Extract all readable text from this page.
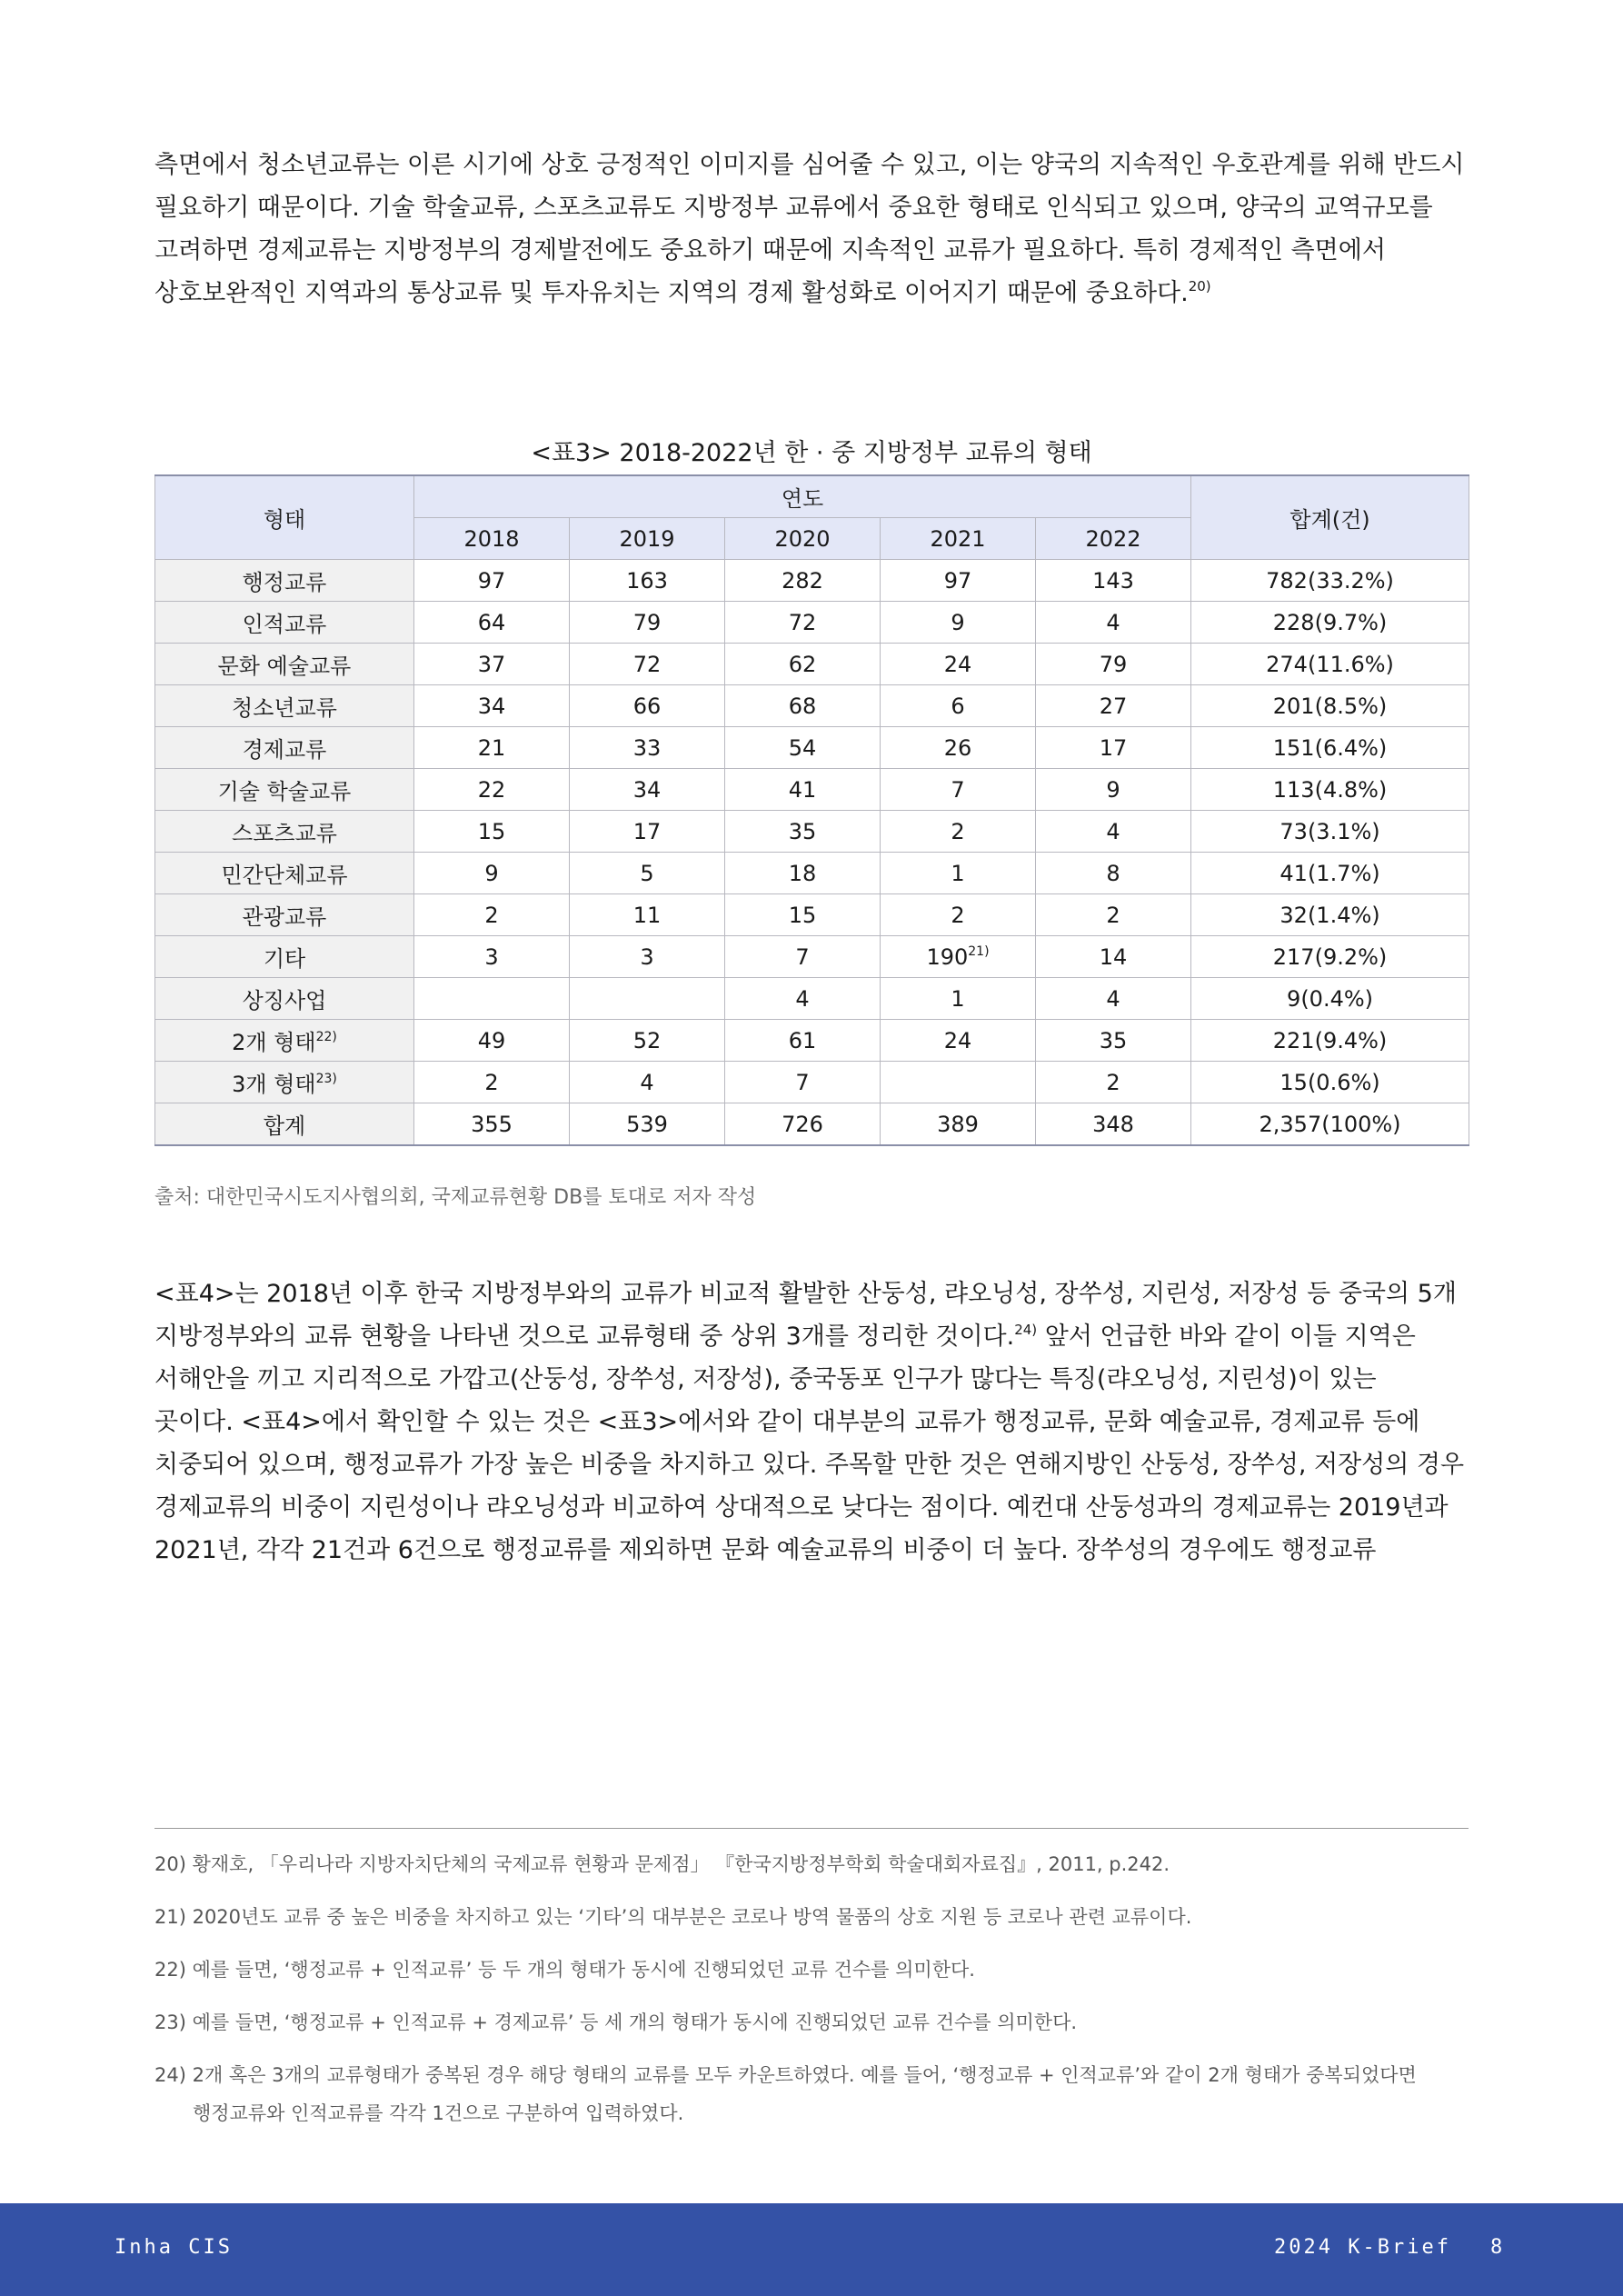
측면에서 청소년교류는 이른 시기에 상호 긍정적인 이미지를 심어줄 수 있고, 이는 양국의 지속적인 우호관계를 위해 반드시
필요하기 때문이다. 기술 학술교류, 스포츠교류도 지방정부 교류에서 중요한 형태로 인식되고 있으며, 양국의 교역규모를
고려하면 경제교류는 지방정부의 경제발전에도 중요하기 때문에 지속적인 교류가 필요하다. 특히 경제적인 측면에서
상호보완적인 지역과의 통상교류 및 투자유치는 지역의 경제 활성화로 이어지기 때문에 중요하다.$^{20)}$

<표3> 2018-2022년 한 · 중 지방정부 교류의 형태

형태	연도					합계(건)
	2018	2019	2020	2021	2022	
행정교류	97	163	282	97	143	782(33.2%)
인적교류	64	79	72	9	4	228(9.7%)
문화 예술교류	37	72	62	24	79	274(11.6%)
청소년교류	34	66	68	6	27	201(8.5%)
경제교류	21	33	54	26	17	151(6.4%)
기술 학술교류	22	34	41	7	9	113(4.8%)
스포츠교류	15	17	35	2	4	73(3.1%)
민간단체교류	9	5	18	1	8	41(1.7%)
관광교류	2	11	15	2	2	32(1.4%)
기타	3	3	7	190$^{21)}$	14	217(9.2%)
상징사업			4	1	4	9(0.4%)
2개 형태$^{22)}$	49	52	61	24	35	221(9.4%)
3개 형태$^{23)}$	2	4	7		2	15(0.6%)
합계	355	539	726	389	348	2,357(100%)

출처: 대한민국시도지사협의회, 국제교류현황 DB를 토대로 저자 작성

<표4>는 2018년 이후 한국 지방정부와의 교류가 비교적 활발한 산둥성, 랴오닝성, 장쑤성, 지린성, 저장성 등 중국의 5개
지방정부와의 교류 현황을 나타낸 것으로 교류형태 중 상위 3개를 정리한 것이다.$^{24)}$ 앞서 언급한 바와 같이 이들 지역은
서해안을 끼고 지리적으로 가깝고(산둥성, 장쑤성, 저장성), 중국동포 인구가 많다는 특징(랴오닝성, 지린성)이 있는
곳이다. <표4>에서 확인할 수 있는 것은 <표3>에서와 같이 대부분의 교류가 행정교류, 문화 예술교류, 경제교류 등에
치중되어 있으며, 행정교류가 가장 높은 비중을 차지하고 있다. 주목할 만한 것은 연해지방인 산둥성, 장쑤성, 저장성의 경우
경제교류의 비중이 지린성이나 랴오닝성과 비교하여 상대적으로 낮다는 점이다. 예컨대 산둥성과의 경제교류는 2019년과
2021년, 각각 21건과 6건으로 행정교류를 제외하면 문화 예술교류의 비중이 더 높다. 장쑤성의 경우에도 행정교류

20) 황재호, 「우리나라 지방자치단체의 국제교류 현황과 문제점」 『한국지방정부학회 학술대회자료집』, 2011, p.242.

21) 2020년도 교류 중 높은 비중을 차지하고 있는 ‘기타’의 대부분은 코로나 방역 물품의 상호 지원 등 코로나 관련 교류이다.

22) 예를 들면, ‘행정교류 + 인적교류’ 등 두 개의 형태가 동시에 진행되었던 교류 건수를 의미한다.

23) 예를 들면, ‘행정교류 + 인적교류 + 경제교류’ 등 세 개의 형태가 동시에 진행되었던 교류 건수를 의미한다.

24) 2개 혹은 3개의 교류형태가 중복된 경우 해당 형태의 교류를 모두 카운트하였다. 예를 들어, ‘행정교류 + 인적교류’와 같이 2개 형태가 중복되었다면
행정교류와 인적교류를 각각 1건으로 구분하여 입력하였다.

Inha CIS	2024 K-Brief 8
